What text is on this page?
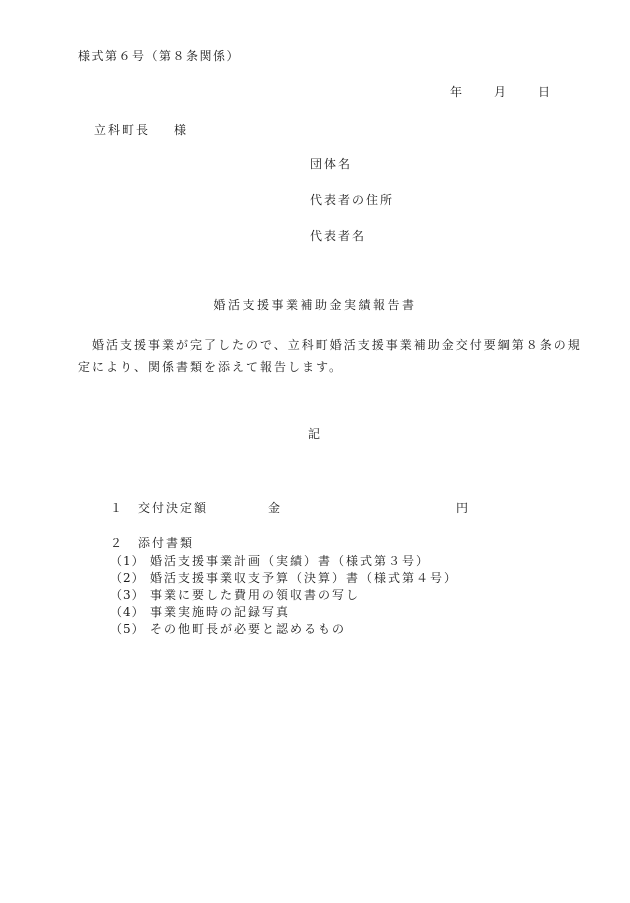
様式第６号（第８条関係）
年 月 日
立科町長 様
団体名
代表者の住所
代表者名
婚活支援事業補助金実績報告書
婚活支援事業が完了したので、立科町婚活支援事業補助金交付要綱第８条の規定により、関係書類を添えて報告します。
記
１ 交付決定額	金	円
２ 添付書類
（1） 婚活支援事業計画（実績）書（様式第３号）
（2） 婚活支援事業収支予算（決算）書（様式第４号）
（3） 事業に要した費用の領収書の写し
（4） 事業実施時の記録写真
（5） その他町長が必要と認めるもの
